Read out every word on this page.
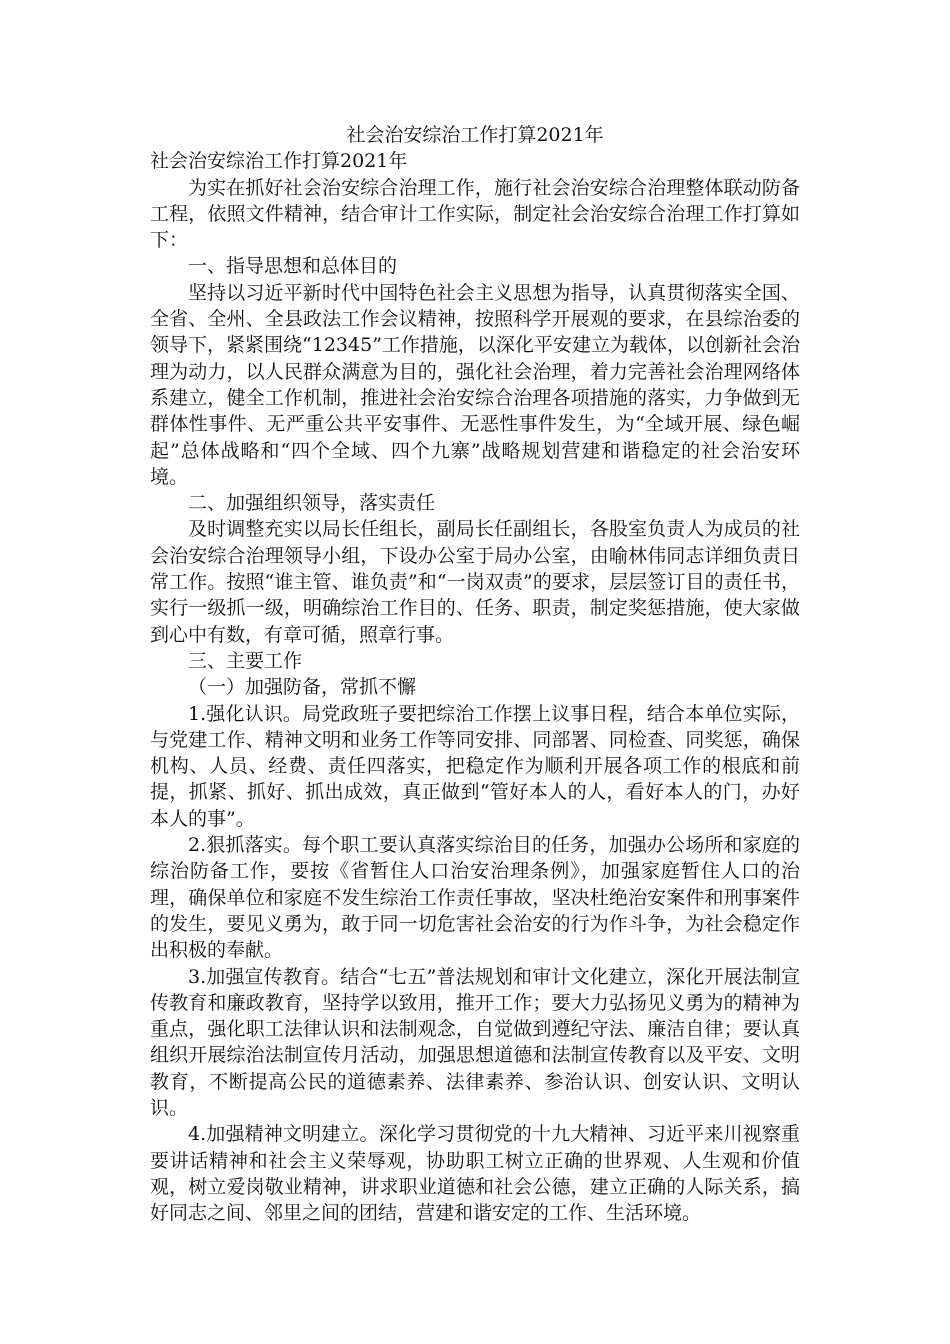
社会治安综治工作打算2021年
社会治安综治工作打算2021年

为实在抓好社会治安综合治理工作，施行社会治安综合治理整体联动防备工程，依照文件精神，结合审计工作实际，制定社会治安综合治理工作打算如下：

一、指导思想和总体目的

坚持以习近平新时代中国特色社会主义思想为指导，认真贯彻落实全国、全省、全州、全县政法工作会议精神，按照科学开展观的要求，在县综治委的领导下，紧紧围绕“12345”工作措施，以深化平安建立为载体，以创新社会治理为动力，以人民群众满意为目的，强化社会治理，着力完善社会治理网络体系建立，健全工作机制，推进社会治安综合治理各项措施的落实，力争做到无群体性事件、无严重公共平安事件、无恶性事件发生，为“全域开展、绿色崛起”总体战略和“四个全域、四个九寨”战略规划营建和谐稳定的社会治安环境。

二、加强组织领导，落实责任

及时调整充实以局长任组长，副局长任副组长，各股室负责人为成员的社会治安综合治理领导小组，下设办公室于局办公室，由喻林伟同志详细负责日常工作。按照“谁主管、谁负责”和“一岗双责”的要求，层层签订目的责任书，实行一级抓一级，明确综治工作目的、任务、职责，制定奖惩措施，使大家做到心中有数，有章可循，照章行事。

三、主要工作
（一）加强防备，常抓不懈

1.强化认识。局党政班子要把综治工作摆上议事日程，结合本单位实际，与党建工作、精神文明和业务工作等同安排、同部署、同检查、同奖惩，确保机构、人员、经费、责任四落实，把稳定作为顺利开展各项工作的根底和前提，抓紧、抓好、抓出成效，真正做到“管好本人的人，看好本人的门，办好本人的事”。

2.狠抓落实。每个职工要认真落实综治目的任务，加强办公场所和家庭的综治防备工作，要按《省暂住人口治安治理条例》，加强家庭暂住人口的治理，确保单位和家庭不发生综治工作责任事故，坚决杜绝治安案件和刑事案件的发生，要见义勇为，敢于同一切危害社会治安的行为作斗争，为社会稳定作出积极的奉献。

3.加强宣传教育。结合“七五”普法规划和审计文化建立，深化开展法制宣传教育和廉政教育，坚持学以致用，推开工作；要大力弘扬见义勇为的精神为重点，强化职工法律认识和法制观念，自觉做到遵纪守法、廉洁自律；要认真组织开展综治法制宣传月活动，加强思想道德和法制宣传教育以及平安、文明教育，不断提高公民的道德素养、法律素养、参治认识、创安认识、文明认识。

4.加强精神文明建立。深化学习贯彻党的十九大精神、习近平来川视察重要讲话精神和社会主义荣辱观，协助职工树立正确的世界观、人生观和价值观，树立爱岗敬业精神，讲求职业道德和社会公德，建立正确的人际关系，搞好同志之间、邻里之间的团结，营建和谐安定的工作、生活环境。
